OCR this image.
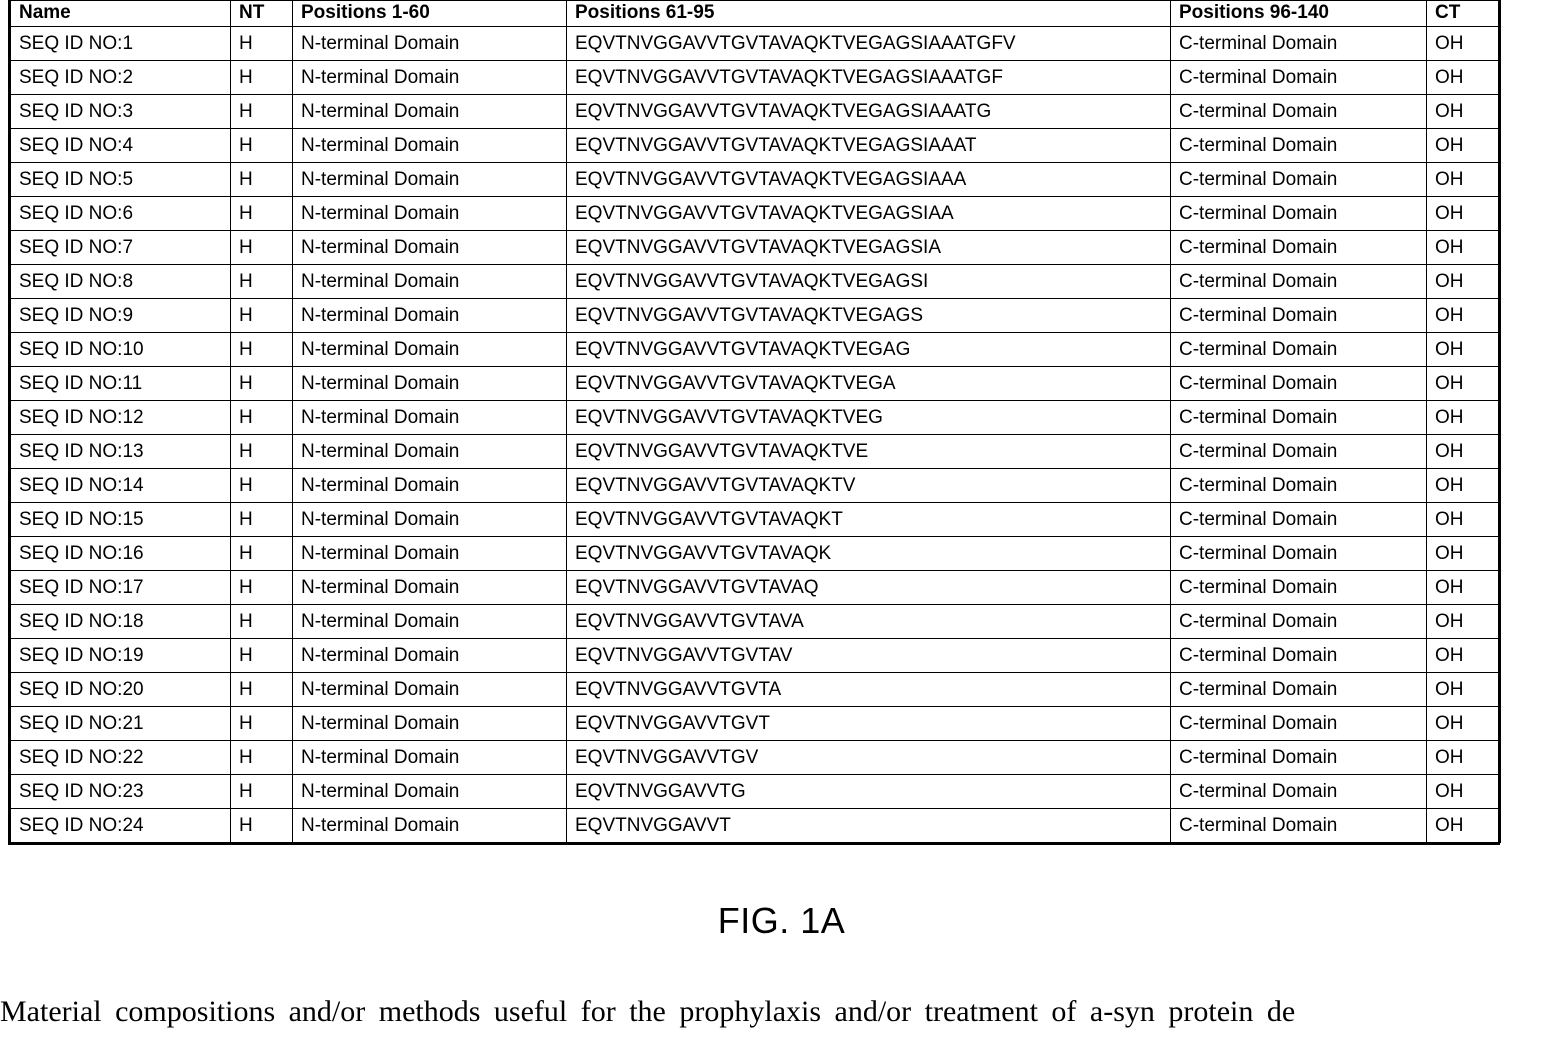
Name	NT	Positions 1-60	Positions 61-95	Positions 96-140	CT
SEQ ID NO:1	H	N-terminal Domain	EQVTNVGGAVVTGVTAVAQKTVEGAGSIAAATGFV	C-terminal Domain	OH
SEQ ID NO:2	H	N-terminal Domain	EQVTNVGGAVVTGVTAVAQKTVEGAGSIAAATGF	C-terminal Domain	OH
SEQ ID NO:3	H	N-terminal Domain	EQVTNVGGAVVTGVTAVAQKTVEGAGSIAAATG	C-terminal Domain	OH
SEQ ID NO:4	H	N-terminal Domain	EQVTNVGGAVVTGVTAVAQKTVEGAGSIAAAT	C-terminal Domain	OH
SEQ ID NO:5	H	N-terminal Domain	EQVTNVGGAVVTGVTAVAQKTVEGAGSIAAA	C-terminal Domain	OH
SEQ ID NO:6	H	N-terminal Domain	EQVTNVGGAVVTGVTAVAQKTVEGAGSIAA	C-terminal Domain	OH
SEQ ID NO:7	H	N-terminal Domain	EQVTNVGGAVVTGVTAVAQKTVEGAGSIA	C-terminal Domain	OH
SEQ ID NO:8	H	N-terminal Domain	EQVTNVGGAVVTGVTAVAQKTVEGAGSI	C-terminal Domain	OH
SEQ ID NO:9	H	N-terminal Domain	EQVTNVGGAVVTGVTAVAQKTVEGAGS	C-terminal Domain	OH
SEQ ID NO:10	H	N-terminal Domain	EQVTNVGGAVVTGVTAVAQKTVEGAG	C-terminal Domain	OH
SEQ ID NO:11	H	N-terminal Domain	EQVTNVGGAVVTGVTAVAQKTVEGA	C-terminal Domain	OH
SEQ ID NO:12	H	N-terminal Domain	EQVTNVGGAVVTGVTAVAQKTVEG	C-terminal Domain	OH
SEQ ID NO:13	H	N-terminal Domain	EQVTNVGGAVVTGVTAVAQKTVE	C-terminal Domain	OH
SEQ ID NO:14	H	N-terminal Domain	EQVTNVGGAVVTGVTAVAQKTV	C-terminal Domain	OH
SEQ ID NO:15	H	N-terminal Domain	EQVTNVGGAVVTGVTAVAQKT	C-terminal Domain	OH
SEQ ID NO:16	H	N-terminal Domain	EQVTNVGGAVVTGVTAVAQK	C-terminal Domain	OH
SEQ ID NO:17	H	N-terminal Domain	EQVTNVGGAVVTGVTAVAQ	C-terminal Domain	OH
SEQ ID NO:18	H	N-terminal Domain	EQVTNVGGAVVTGVTAVA	C-terminal Domain	OH
SEQ ID NO:19	H	N-terminal Domain	EQVTNVGGAVVTGVTAV	C-terminal Domain	OH
SEQ ID NO:20	H	N-terminal Domain	EQVTNVGGAVVTGVTA	C-terminal Domain	OH
SEQ ID NO:21	H	N-terminal Domain	EQVTNVGGAVVTGVT	C-terminal Domain	OH
SEQ ID NO:22	H	N-terminal Domain	EQVTNVGGAVVTGV	C-terminal Domain	OH
SEQ ID NO:23	H	N-terminal Domain	EQVTNVGGAVVTG	C-terminal Domain	OH
SEQ ID NO:24	H	N-terminal Domain	EQVTNVGGAVVT	C-terminal Domain	OH
FIG. 1A
Material compositions and/or methods useful for the prophylaxis and/or treatment of a-syn protein de
